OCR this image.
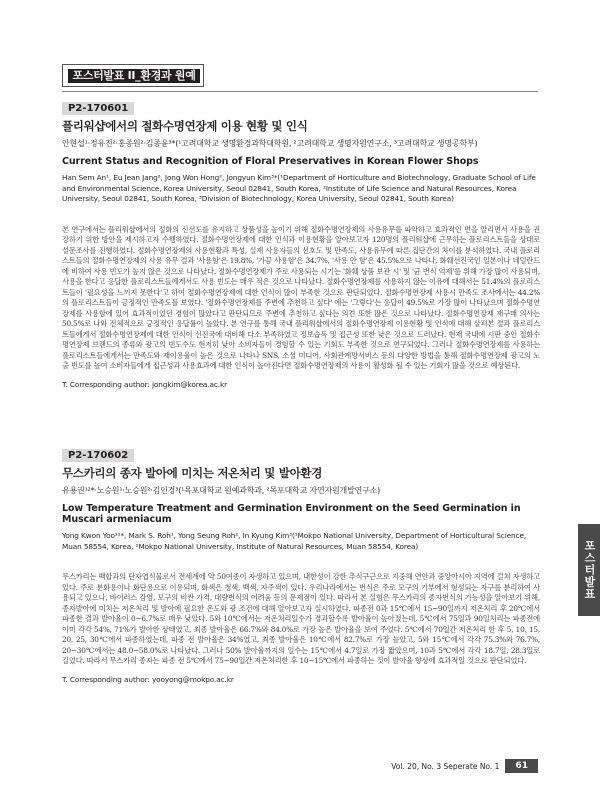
포스터발표 II_환경과 원예
포스터발표
P2-170601
플리워샵에서의 절화수명연장제 이용 현황 및 인식
안현섭¹·정유진²·홍종원²·김종윤³*(¹고려대학교 생명환경과학대학원, ²고려대학교 생명자원연구소, ³고려대학교 생명공학부)
Current Status and Recognition of Floral Preservatives in Korean Flower Shops
Han Sem An¹, Eu Jean Jang², Jong Won Hong², Jongyun Kim³*(¹Department of Horticulture and Biotechnology, Graduate School of Life and Environmental Science, Korea University, Seoul 02841, South Korea, ²Institute of Life Science and Natural Resources, Korea University, Seoul 02841, South Korea, ³Division of Biotechnology, Korea University, Seoul 02841, South Korea)
본 연구에서는 플리워샵에서의 절화의 신선도를 유지하고 상품성을 높이기 위해 절화수명연장제의 사용유무를 파악하고 효과적인 면을 알리면서 사용을 권장하기 위한 방안을 제시하고자 수행하였다. 절화수명연장제에 대한 인식과 이용현황을 알아보고자 120명의 플리워샵에 근무하는 플로리스트들을 상대로 설문조사를 진행하였다. 절화수명연장제의 사용현황과 특성, 실제 사용자들의 선호도 및 만족도, 사용유무에 따른 집단간의 차이를 분석하였다. 국내 플로리스트들의 절화수명연장제의 사용 유무 결과 '사용함'은 19.8%, '가끔 사용함'은 34.7%, '사용 안 함'은 45.5%으로 나타나, 화훼선진국인 일본이나 네덜란드에 비하여 사용 빈도가 높지 않은 것으로 나타났다. 절화수명연장제가 주로 사용되는 시기는 '화훼 상품 보관 시' 및 '균 번식 억제'를 위해 가장 많이 사용되며, 사용을 한다고 응답한 플로리스트들에게서도 사용 빈도는 매우 적은 것으로 나타났다. 절화수명연장제를 사용하지 않는 이유에 대해서는 51.4%의 플로리스트들이 '필요성을 느끼지 못한다'고 하여 절화수명연장제에 대한 인식이 많이 부족한 것으로 판단되었다. 절화수명연장제 사용시 만족도 조사에서는 44.2%의 플로리스트들이 긍정적인 만족도를 보였다. '절화수명연장제를 주변에 추천하고 싶다' 에는 '그렇다'는 응답이 49.5%로 가장 많이 나타났으며 절화수명연장제를 사용함에 있어 효과적이었던 경험이 많았다고 판단되므로 주변에 추천하고 싶다는 의견 또한 많은 것으로 나타났다. 절화수명연장제 재구매 의사는 50.5%로 나와 전체적으로 긍정적인 응답률이 높았다. 본 연구를 통해 국내 플리워샵에서의 절화수명연장제 이용현황 및 인식에 대해 살펴본 결과 플로리스트들에게서 절화수명연장제에 대한 인식이 선진국에 대비해 다소 부족하였고 정보습득 및 접근성 또한 낮은 것으로 드러났다. 현재 국내에 시판 중인 절화수명연장제 브랜드의 종류와 광고의 빈도수도 현저히 낮아 소비자들이 경험할 수 있는 기회도 부족한 것으로 연구되었다. 그러나 절화수명연장제를 사용하는 플로리스트들에게서는 만족도와 재이용율이 높은 것으로 나타나 SNS, 소셜 미디어, 사회관계망서비스 등의 다양한 방법을 통해 절화수명연장제 광고의 노출 빈도를 높여 소비자들에게 접근성과 사용효과에 대한 인식이 높아진다면 절화수명연장제의 사용이 활성화 될 수 있는 기회가 많을 것으로 예상된다.
T. Corresponding author: jongkim@korea.ac.kr
P2-170602
무스카리의 종자 발아에 미치는 저온처리 및 발아환경
유용권¹²*·노승원¹·노승원²·김인경³(¹목포대학교 원예과학과, ²목포대학교 자연자원개발연구소)
Low Temperature Treatment and Germination Environment on the Seed Germination in Muscari armeniacum
Yong Kwon Yoo¹²*, Mark S. Roh¹, Yong Seung Roh², In Kyung Kim³(¹Mokpo National University, Department of Horticultural Science, Muan 58554, Korea, ²Mokpo National University, Institute of Natural Resources, Muan 58554, Korea)
무스카리는 백합과의 단자엽식물로서 전세계에 약 50여종이 자생하고 있으며, 내한성이 강한 추식구근으로 지중해 연안과 중앙아시아 지역에 걸쳐 자생하고 있다. 주로 분화용이나 화단용으로 이용되며, 화색은 청색, 백색, 자주색이 있다. 우리나라에서는 번식은 주로 모구의 기부에서 형성되는 자구를 분리하여 사용되고 있으나, 바이러스 감염, 모구의 비싼 가격, 대량번식의 어려움 등의 문제점이 있다. 따라서 본 실험은 무스카리의 종자번식의 가능성을 알아보기 위해, 종자발아에 미치는 저온처리 및 발아에 필요한 온도와 광 조건에 대해 알아보고자 실시하였다. 파종전 0과 15℃에서 15~90일까지 저온처리 후 20℃에서 파종한 결과 발아율이 0~6.7%로 매우 낮았다. 5와 10℃에서는 저온처리일수가 경과할수록 발아율이 높아졌는데, 5℃에서 75일과 90일처리는 파종전에 이미 각각 54%, 71%가 발아한 상태였고, 최종 발아율은 66.7%와 84.0%로 가장 높은 발아율을 보여 주었다. 5℃에서 70일간 저온처리 한 후 5, 10, 15, 20, 25, 30℃에서 파종하였는데, 파종 전 발아율은 34%였고, 최종 발아율은 10℃에서 82.7%로 가장 높았고, 5와 15℃에서 각각 75.3%와 76.7%, 20~30℃에서는 48.0~58.0%로 나타났다. 그러나 50% 발아율까지의 일수는 15℃에서 4.7일로 가장 짧았으며, 10과 5℃에서 각각 18.7일, 28.3일로 길었다. 따라서 무스카리 종자는 파종 전 5℃에서 75~90일간 저온처리한 후 10~15℃에서 파종하는 것이 발아율 향상에 효과적일 것으로 판단되었다.
T. Corresponding author: yooyong@mokpo.ac.kr
Vol. 20, No. 3 Seperate No. 1	61
